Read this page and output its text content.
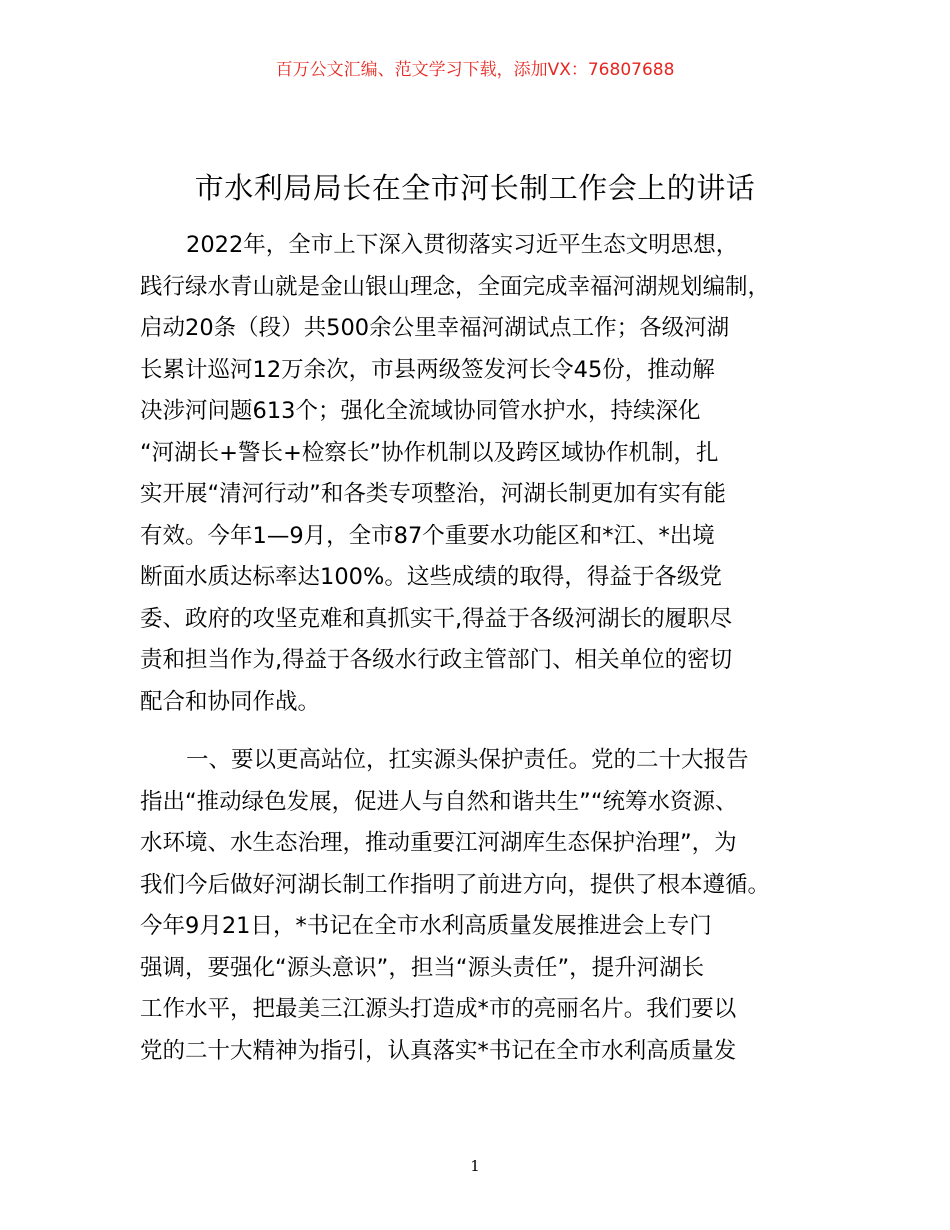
百万公文汇编、范文学习下载，添加VX：76807688
市水利局局长在全市河长制工作会上的讲话

2022年，全市上下深入贯彻落实习近平生态文明思想，
践行绿水青山就是金山银山理念，全面完成幸福河湖规划编制，
启动20条（段）共500余公里幸福河湖试点工作；各级河湖
长累计巡河12万余次，市县两级签发河长令45份，推动解
决涉河问题613个；强化全流域协同管水护水，持续深化
“河湖长+警长+检察长”协作机制以及跨区域协作机制，扎
实开展“清河行动”和各类专项整治，河湖长制更加有实有能
有效。今年1—9月，全市87个重要水功能区和*江、*出境
断面水质达标率达100%。这些成绩的取得，得益于各级党
委、政府的攻坚克难和真抓实干,得益于各级河湖长的履职尽
责和担当作为,得益于各级水行政主管部门、相关单位的密切
配合和协同作战。

一、要以更高站位，扛实源头保护责任。党的二十大报告
指出“推动绿色发展，促进人与自然和谐共生”“统筹水资源、
水环境、水生态治理，推动重要江河湖库生态保护治理”，为
我们今后做好河湖长制工作指明了前进方向，提供了根本遵循。
今年9月21日，*书记在全市水利高质量发展推进会上专门
强调，要强化“源头意识”，担当“源头责任”，提升河湖长
工作水平，把最美三江源头打造成*市的亮丽名片。我们要以
党的二十大精神为指引，认真落实*书记在全市水利高质量发

1
